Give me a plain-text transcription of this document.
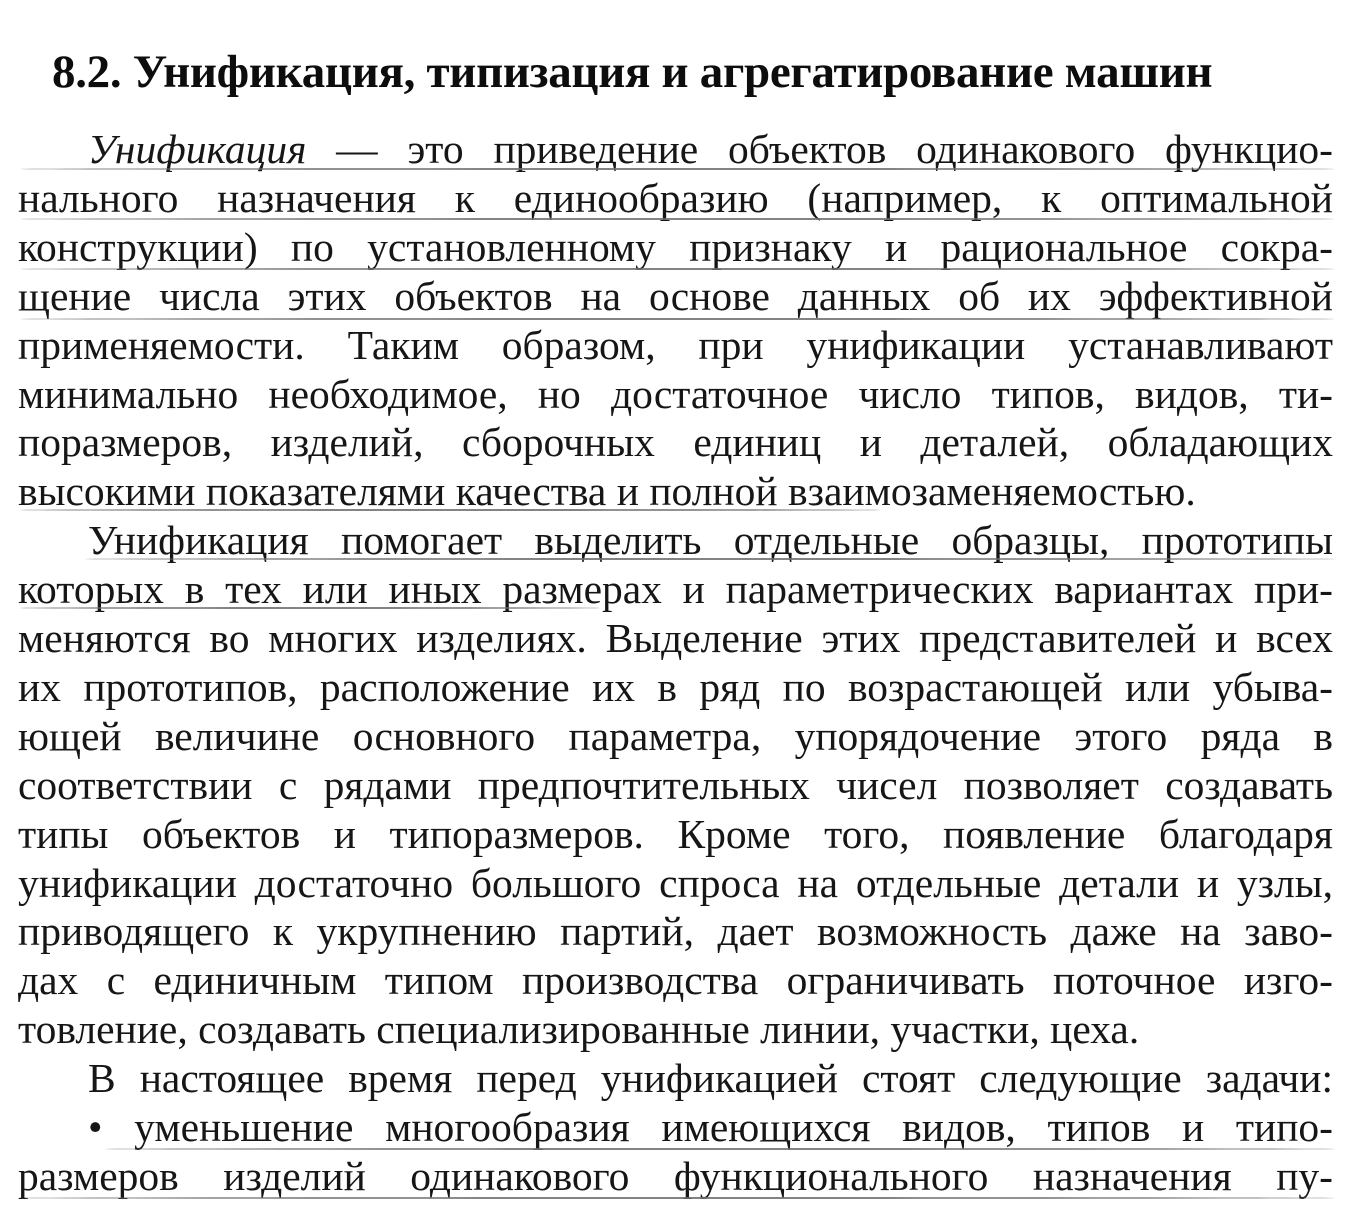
8.2. Унификация, типизация и агрегатирование машин
Унификация — это приведение объектов одинакового функцио-
нального назначения к единообразию (например, к оптимальной
конструкции) по установленному признаку и рациональное сокра-
щение числа этих объектов на основе данных об их эффективной
применяемости. Таким образом, при унификации устанавливают
минимально необходимое, но достаточное число типов, видов, ти-
поразмеров, изделий, сборочных единиц и деталей, обладающих
высокими показателями качества и полной взаимозаменяемостью.
Унификация помогает выделить отдельные образцы, прототипы
которых в тех или иных размерах и параметрических вариантах при-
меняются во многих изделиях. Выделение этих представителей и всех
их прототипов, расположение их в ряд по возрастающей или убыва-
ющей величине основного параметра, упорядочение этого ряда в
соответствии с рядами предпочтительных чисел позволяет создавать
типы объектов и типоразмеров. Кроме того, появление благодаря
унификации достаточно большого спроса на отдельные детали и узлы,
приводящего к укрупнению партий, дает возможность даже на заво-
дах с единичным типом производства ограничивать поточное изго-
товление, создавать специализированные линии, участки, цеха.
В настоящее время перед унификацией стоят следующие задачи:
• уменьшение многообразия имеющихся видов, типов и типо-
размеров изделий одинакового функционального назначения пу-
